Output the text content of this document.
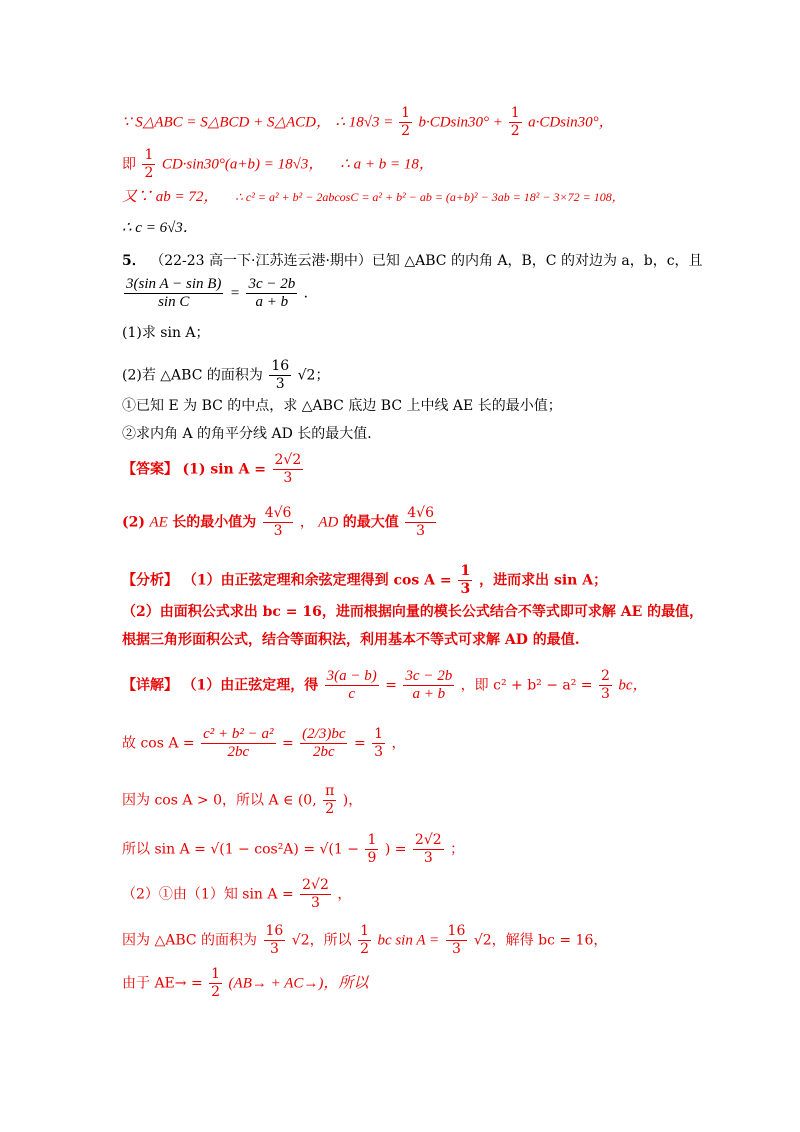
∵ S△ABC = S△BCD + S△ACD， ∴ $18√3 = \frac{1}{2} b\cdot CDsin30^\circ + \frac{1}{2} a\cdot CDsin30^\circ$，
即 $\frac{1}{2} CD\cdot\sin 30^\circ(a+b) = 18√3$， ∴ a + b = 18，
又∵ ab = 72， ∴ c² = a² + b² − 2abcosC = a² + b² − ab = (a+b)² − 3ab = 18² − 3×72 = 108，
∴ c = 6√3．
5． （22-23 高一下·江苏连云港·期中）已知 △ABC 的内角 A，B，C 的对边为 a，b，c，且
$\frac{\text{3(sin A − sin B)}}{\text{sin C}} = \frac{3c - 2b}{a + b}$ ．
(1)求 sin A；
(2)若 △ABC 的面积为 $\frac{16}{3} √2$；
①已知 E 为 BC 的中点，求 △ABC 底边 BC 上中线 AE 长的最小值；
②求内角 A 的角平分线 AD 长的最大值．
【答案】 (1) $\sin A = \frac{2√2}{3}$
(2) AE 长的最小值为 $\frac{4√6}{3}$ ， AD 的最大值 $\frac{4√6}{3}$
【分析】 （1）由正弦定理和余弦定理得到 $\cos A = \frac{1}{3}$ ，进而求出 sin A；
（2）由面积公式求出 bc = 16，进而根据向量的模长公式结合不等式即可求解 AE 的最值，
根据三角形面积公式，结合等面积法，利用基本不等式可求解 AD 的最值.
【详解】 （1）由正弦定理，得 $\frac{3(a - b)}{c} = \frac{3c - 2b}{a + b}$ ，即 $c^2 + b^2 - a^2 = \frac{2}{3}$ bc，
故 $\cos A = \frac{\text{c² + b² − a²}}{2bc} = \frac{(2/3)bc}{2bc} = \frac{1}{3}$ ，
因为 cos A > 0，所以 A ∈ (0, $\frac{\pi}{2}$ )，
所以 $\sin A = √(1 - \cos^2A) = √(1 - \frac{1}{9}$ ) = $\frac{2√2}{3}$ ；
（2）①由（1）知 $\sin A = \frac{2√2}{3}$ ，
因为 △ABC 的面积为 $\frac{16}{3} √2$，所以 $\frac{1}{2}$ bc $\sin A = \frac{16}{3} √2$，解得 bc = 16，
由于 $AE\to = \frac{1}{2} (AB\to + AC\to)$，所以
